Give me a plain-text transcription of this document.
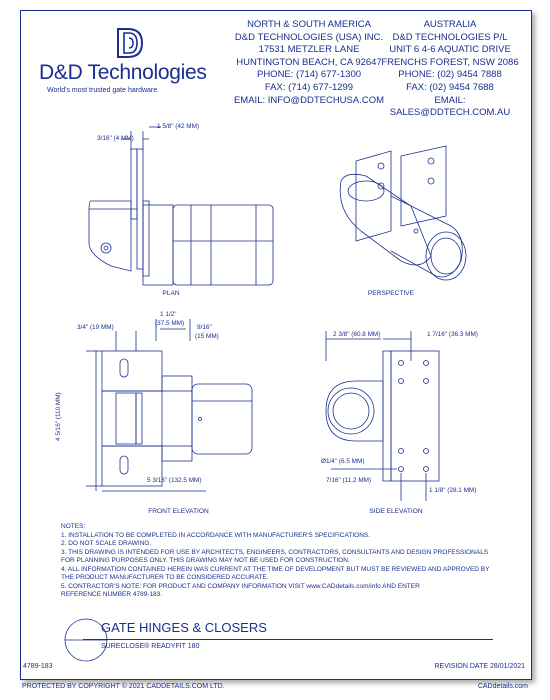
D&D Technologies
World's most trusted gate hardware
NORTH & SOUTH AMERICA
D&D TECHNOLOGIES (USA) INC.
17531 METZLER LANE
HUNTINGTON BEACH, CA 92647
PHONE: (714) 677-1300
FAX: (714) 677-1299
EMAIL: INFO@DDTECHUSA.COM
AUSTRALIA
D&D TECHNOLOGIES P/L
UNIT 6 4-6 AQUATIC DRIVE
FRENCHS FOREST, NSW 2086
PHONE: (02) 9454 7888
FAX: (02) 9454 7688
EMAIL: SALES@DDTECH.COM.AU
1 5/8" (42 MM)
3/16" (4 MM)
PLAN	PERSPECTIVE
1 1/2"
(37.5 MM)
3/4" (19 MM)	9/16"
(15 MM)
4 5/16" (110 MM)
5 3/16" (132.5 MM)
FRONT ELEVATION
2 3/8" (60.8 MM)	1 7/16" (36.3 MM)
Ø1/4" (6.5 MM)
7/16" (11.2 MM)
1 1/8" (28.1 MM)
SIDE ELEVATION
NOTES:
1. INSTALLATION TO BE COMPLETED IN ACCORDANCE WITH MANUFACTURER'S SPECIFICATIONS.
2. DO NOT SCALE DRAWING.
3. THIS DRAWING IS INTENDED FOR USE BY ARCHITECTS, ENGINEERS, CONTRACTORS, CONSULTANTS AND DESIGN PROFESSIONALS
FOR PLANNING PURPOSES ONLY. THIS DRAWING MAY NOT BE USED FOR CONSTRUCTION.
4. ALL INFORMATION CONTAINED HEREIN WAS CURRENT AT THE TIME OF DEVELOPMENT BUT MUST BE REVIEWED AND APPROVED BY
THE PRODUCT MANUFACTURER TO BE CONSIDERED ACCURATE.
5. CONTRACTOR'S NOTE: FOR PRODUCT AND COMPANY INFORMATION VISIT www.CADdetails.com/info AND ENTER
REFERENCE NUMBER 4789-183.
GATE HINGES & CLOSERS
SURECLOSE® READYFIT 180
4789-183	REVISION DATE 28/01/2021
PROTECTED BY COPYRIGHT © 2021 CADDETAILS.COM LTD.	CADdetails.com
